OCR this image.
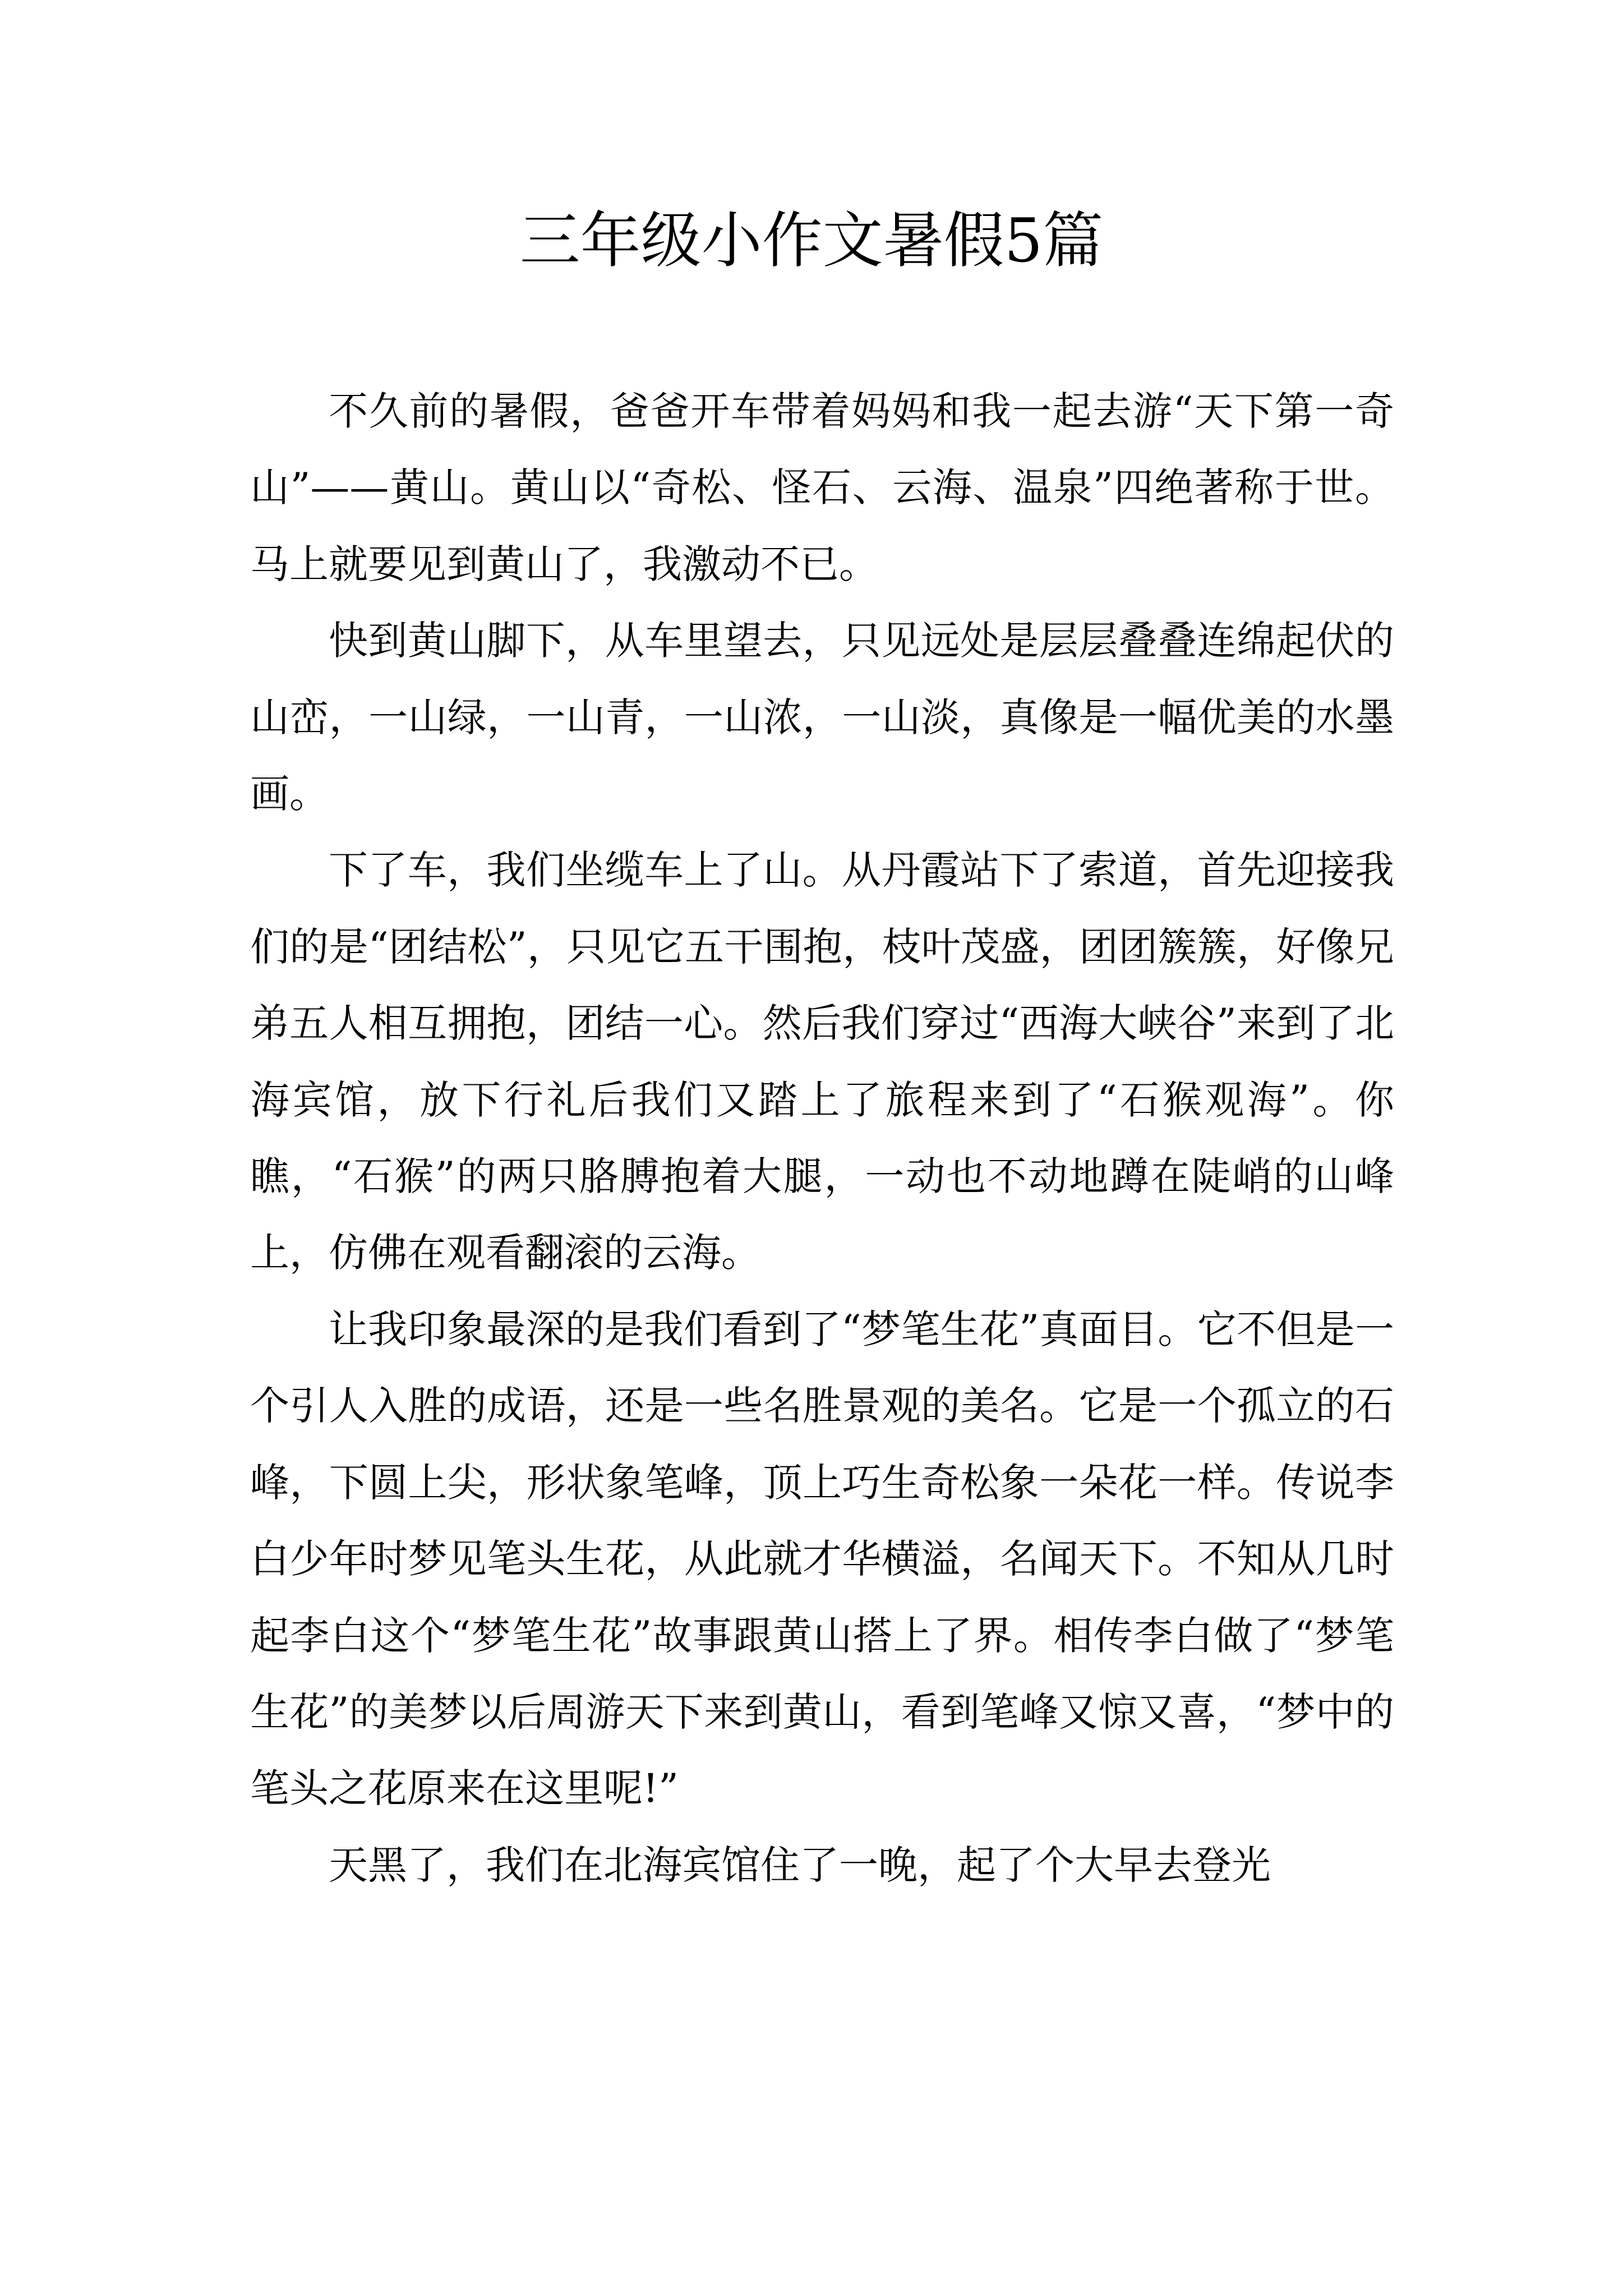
三年级小作文暑假5篇

不久前的暑假，爸爸开车带着妈妈和我一起去游“天下第一奇山”——黄山。黄山以“奇松、怪石、云海、温泉”四绝著称于世。马上就要见到黄山了，我激动不已。

快到黄山脚下，从车里望去，只见远处是层层叠叠连绵起伏的山峦，一山绿，一山青，一山浓，一山淡，真像是一幅优美的水墨画。

下了车，我们坐缆车上了山。从丹霞站下了索道，首先迎接我们的是“团结松”，只见它五干围抱，枝叶茂盛，团团簇簇，好像兄弟五人相互拥抱，团结一心。然后我们穿过“西海大峡谷”来到了北海宾馆，放下行礼后我们又踏上了旅程来到了“石猴观海”。你瞧，“石猴”的两只胳膊抱着大腿，一动也不动地蹲在陡峭的山峰上，仿佛在观看翻滚的云海。

让我印象最深的是我们看到了“梦笔生花”真面目。它不但是一个引人入胜的成语，还是一些名胜景观的美名。它是一个孤立的石峰，下圆上尖，形状象笔峰，顶上巧生奇松象一朵花一样。传说李白少年时梦见笔头生花，从此就才华横溢，名闻天下。不知从几时起李白这个“梦笔生花”故事跟黄山搭上了界。相传李白做了“梦笔生花”的美梦以后周游天下来到黄山，看到笔峰又惊又喜，“梦中的笔头之花原来在这里呢!”

天黑了，我们在北海宾馆住了一晚，起了个大早去登光
